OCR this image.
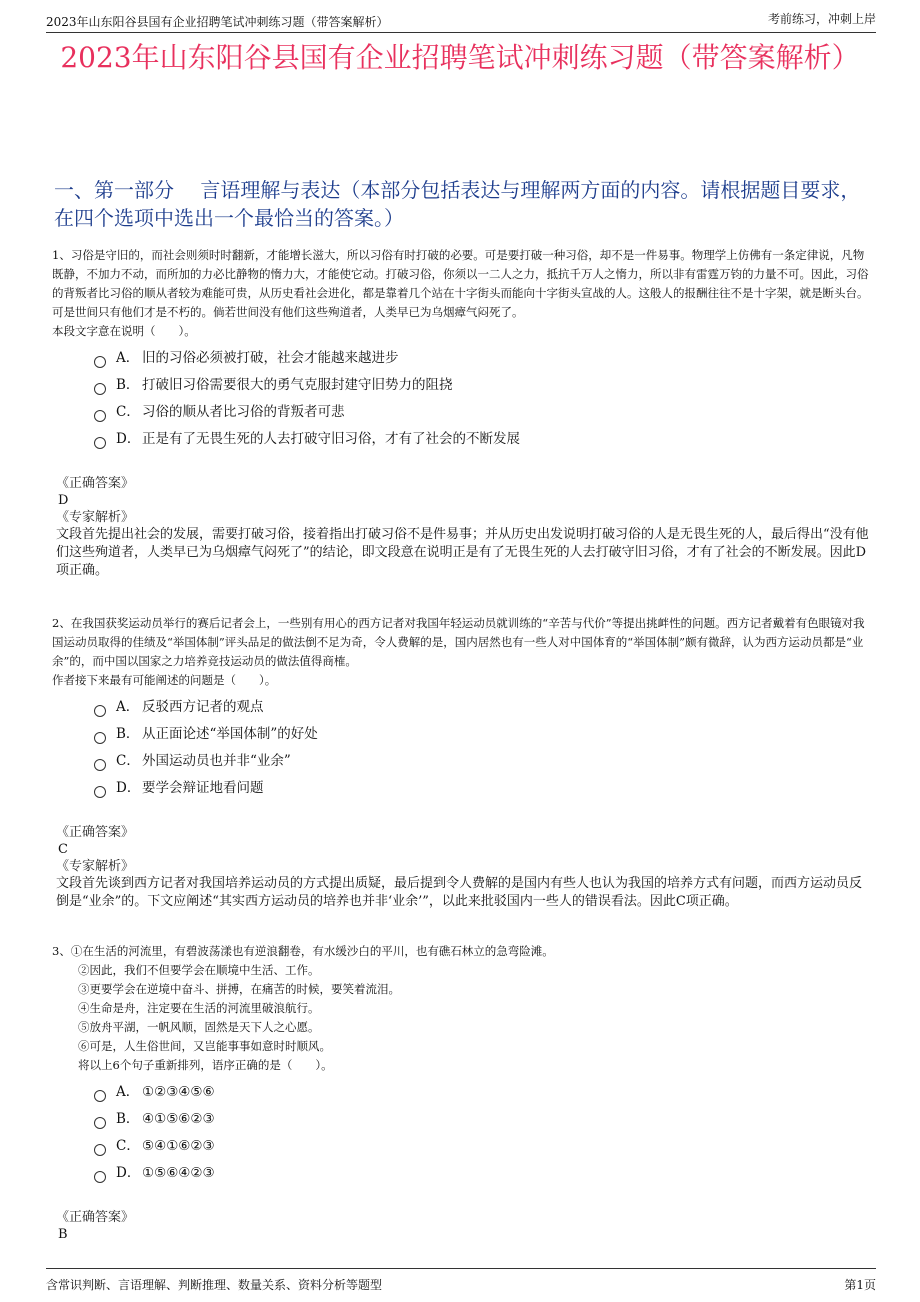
2023年山东阳谷县国有企业招聘笔试冲刺练习题（带答案解析）	考前练习，冲刺上岸
2023年山东阳谷县国有企业招聘笔试冲刺练习题（带答案解析）
一、第一部分　 言语理解与表达（本部分包括表达与理解两方面的内容。请根据题目要求，在四个选项中选出一个最恰当的答案。）

1、习俗是守旧的，而社会则须时时翻新，才能增长滋大，所以习俗有时打破的必要。可是要打破一种习俗，却不是一件易事。物理学上仿佛有一条定律说，凡物既静，不加力不动，而所加的力必比静物的惰力大，才能使它动。打破习俗，你须以一二人之力，抵抗千万人之惰力，所以非有雷霆万钧的力量不可。因此，习俗的背叛者比习俗的顺从者较为难能可贵，从历史看社会进化，都是靠着几个站在十字街头而能向十字街头宣战的人。这般人的报酬往往不是十字架，就是断头台。可是世间只有他们才是不朽的。倘若世间没有他们这些殉道者，人类早已为乌烟瘴气闷死了。

本段文字意在说明（　　）。

A． 旧的习俗必须被打破，社会才能越来越进步
B． 打破旧习俗需要很大的勇气克服封建守旧势力的阻挠
C． 习俗的顺从者比习俗的背叛者可悲
D． 正是有了无畏生死的人去打破守旧习俗，才有了社会的不断发展
《正确答案》
D
《专家解析》
文段首先提出社会的发展，需要打破习俗，接着指出打破习俗不是件易事；并从历史出发说明打破习俗的人是无畏生死的人，最后得出“没有他们这些殉道者，人类早已为乌烟瘴气闷死了”的结论，即文段意在说明正是有了无畏生死的人去打破守旧习俗，才有了社会的不断发展。因此D项正确。

2、在我国获奖运动员举行的赛后记者会上，一些别有用心的西方记者对我国年轻运动员就训练的“辛苦与代价”等提出挑衅性的问题。西方记者戴着有色眼镜对我国运动员取得的佳绩及“举国体制”评头品足的做法倒不足为奇，令人费解的是，国内居然也有一些人对中国体育的“举国体制”颇有微辞，认为西方运动员都是“业余”的，而中国以国家之力培养竞技运动员的做法值得商榷。

作者接下来最有可能阐述的问题是（　　）。

A． 反驳西方记者的观点
B． 从正面论述“举国体制”的好处
C． 外国运动员也并非“业余”
D． 要学会辩证地看问题
《正确答案》
C
《专家解析》
文段首先谈到西方记者对我国培养运动员的方式提出质疑，最后提到令人费解的是国内有些人也认为我国的培养方式有问题，而西方运动员反倒是“业余”的。下文应阐述“其实西方运动员的培养也并非‘业余’”，以此来批驳国内一些人的错误看法。因此C项正确。

3、①在生活的河流里，有碧波荡漾也有逆浪翻卷，有水缓沙白的平川，也有礁石林立的急弯险滩。

②因此，我们不但要学会在顺境中生活、工作。

③更要学会在逆境中奋斗、拼搏，在痛苦的时候，要笑着流泪。

④生命是舟，注定要在生活的河流里破浪航行。

⑤放舟平湖，一帆风顺，固然是天下人之心愿。

⑥可是，人生俗世间，又岂能事事如意时时顺风。

将以上6个句子重新排列，语序正确的是（　　）。

A． ①②③④⑤⑥
B． ④①⑤⑥②③
C． ⑤④①⑥②③
D． ①⑤⑥④②③
《正确答案》
B
含常识判断、言语理解、判断推理、数量关系、资料分析等题型	第1页
